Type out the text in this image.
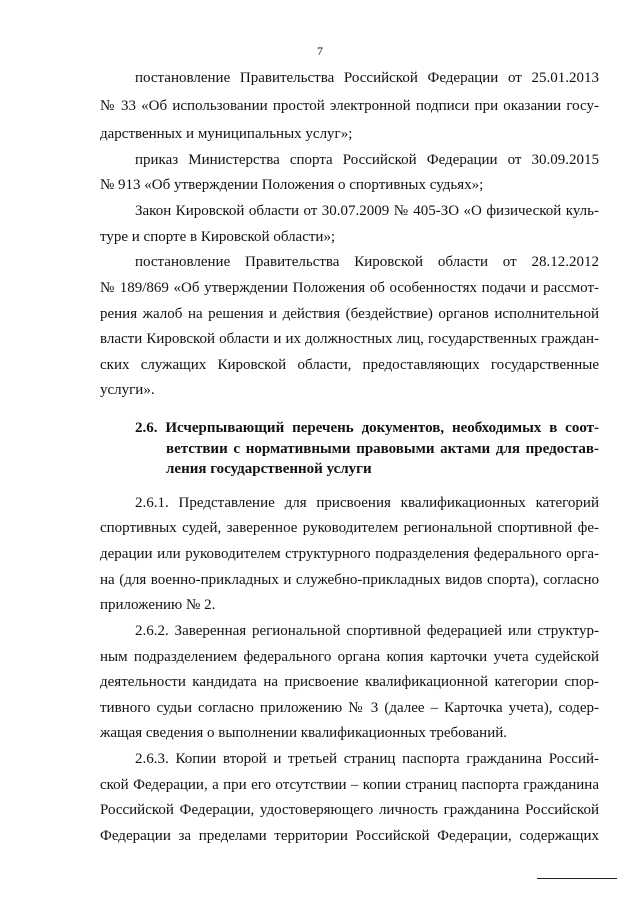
7
постановление Правительства Российской Федерации от 25.01.2013
№ 33 «Об использовании простой электронной подписи при оказании госу-
дарственных и муниципальных услуг»;
приказ Министерства спорта Российской Федерации от 30.09.2015
№ 913 «Об утверждении Положения о спортивных судьях»;
Закон Кировской области от 30.07.2009 № 405-ЗО «О физической куль-
туре и спорте в Кировской области»;
постановление Правительства Кировской области от 28.12.2012
№ 189/869 «Об утверждении Положения об особенностях подачи и рассмот-
рения жалоб на решения и действия (бездействие) органов исполнительной
власти Кировской области и их должностных лиц, государственных граждан-
ских служащих Кировской области, предоставляющих государственные
услуги».
2.6. Исчерпывающий перечень документов, необходимых в соот-
ветствии с нормативными правовыми актами для предостав-
ления государственной услуги
2.6.1. Представление для присвоения квалификационных категорий
спортивных судей, заверенное руководителем региональной спортивной фе-
дерации или руководителем структурного подразделения федерального орга-
на (для военно-прикладных и служебно-прикладных видов спорта), согласно
приложению № 2.
2.6.2. Заверенная региональной спортивной федерацией или структур-
ным подразделением федерального органа копия карточки учета судейской
деятельности кандидата на присвоение квалификационной категории спор-
тивного судьи согласно приложению № 3 (далее – Карточка учета), содер-
жащая сведения о выполнении квалификационных требований.
2.6.3. Копии второй и третьей страниц паспорта гражданина Россий-
ской Федерации, а при его отсутствии – копии страниц паспорта гражданина
Российской Федерации, удостоверяющего личность гражданина Российской
Федерации за пределами территории Российской Федерации, содержащих
